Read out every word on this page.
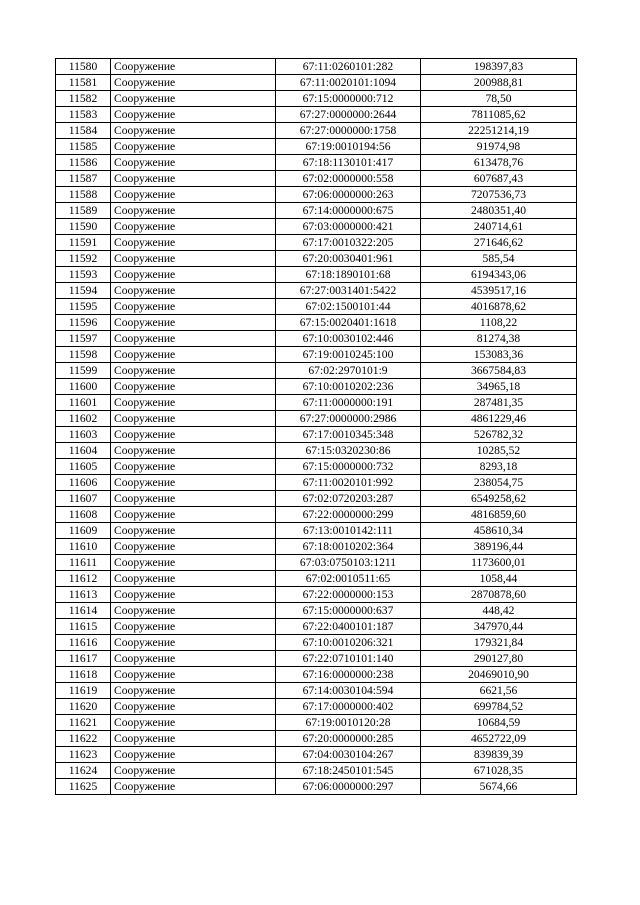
11580	Сооружение	67:11:0260101:282	198397,83
11581	Сооружение	67:11:0020101:1094	200988,81
11582	Сооружение	67:15:0000000:712	78,50
11583	Сооружение	67:27:0000000:2644	7811085,62
11584	Сооружение	67:27:0000000:1758	22251214,19
11585	Сооружение	67:19:0010194:56	91974,98
11586	Сооружение	67:18:1130101:417	613478,76
11587	Сооружение	67:02:0000000:558	607687,43
11588	Сооружение	67:06:0000000:263	7207536,73
11589	Сооружение	67:14:0000000:675	2480351,40
11590	Сооружение	67:03:0000000:421	240714,61
11591	Сооружение	67:17:0010322:205	271646,62
11592	Сооружение	67:20:0030401:961	585,54
11593	Сооружение	67:18:1890101:68	6194343,06
11594	Сооружение	67:27:0031401:5422	4539517,16
11595	Сооружение	67:02:1500101:44	4016878,62
11596	Сооружение	67:15:0020401:1618	1108,22
11597	Сооружение	67:10:0030102:446	81274,38
11598	Сооружение	67:19:0010245:100	153083,36
11599	Сооружение	67:02:2970101:9	3667584,83
11600	Сооружение	67:10:0010202:236	34965,18
11601	Сооружение	67:11:0000000:191	287481,35
11602	Сооружение	67:27:0000000:2986	4861229,46
11603	Сооружение	67:17:0010345:348	526782,32
11604	Сооружение	67:15:0320230:86	10285,52
11605	Сооружение	67:15:0000000:732	8293,18
11606	Сооружение	67:11:0020101:992	238054,75
11607	Сооружение	67:02:0720203:287	6549258,62
11608	Сооружение	67:22:0000000:299	4816859,60
11609	Сооружение	67:13:0010142:111	458610,34
11610	Сооружение	67:18:0010202:364	389196,44
11611	Сооружение	67:03:0750103:1211	1173600,01
11612	Сооружение	67:02:0010511:65	1058,44
11613	Сооружение	67:22:0000000:153	2870878,60
11614	Сооружение	67:15:0000000:637	448,42
11615	Сооружение	67:22:0400101:187	347970,44
11616	Сооружение	67:10:0010206:321	179321,84
11617	Сооружение	67:22:0710101:140	290127,80
11618	Сооружение	67:16:0000000:238	20469010,90
11619	Сооружение	67:14:0030104:594	6621,56
11620	Сооружение	67:17:0000000:402	699784,52
11621	Сооружение	67:19:0010120:28	10684,59
11622	Сооружение	67:20:0000000:285	4652722,09
11623	Сооружение	67:04:0030104:267	839839,39
11624	Сооружение	67:18:2450101:545	671028,35
11625	Сооружение	67:06:0000000:297	5674,66
